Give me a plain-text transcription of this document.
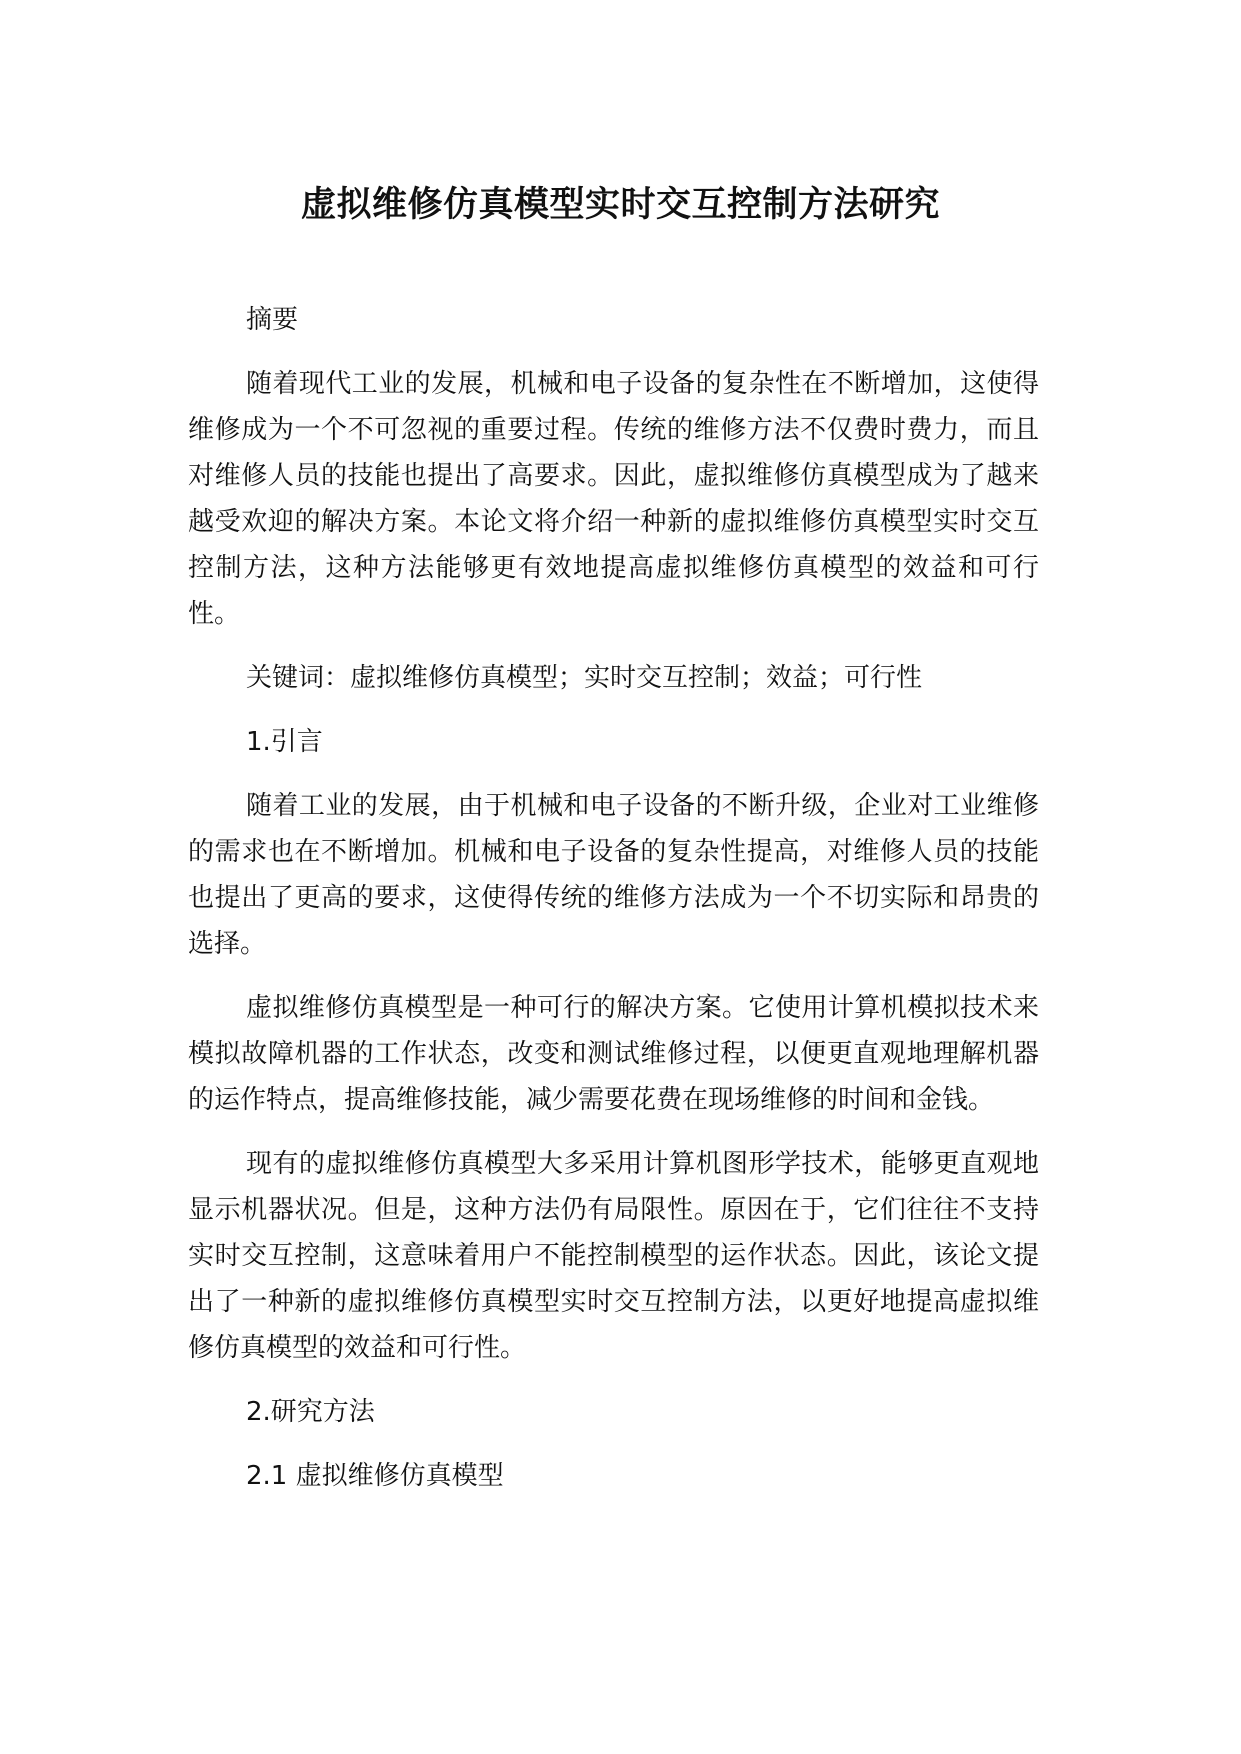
虚拟维修仿真模型实时交互控制方法研究

摘要

随着现代工业的发展，机械和电子设备的复杂性在不断增加，这使得维修成为一个不可忽视的重要过程。传统的维修方法不仅费时费力，而且对维修人员的技能也提出了高要求。因此，虚拟维修仿真模型成为了越来越受欢迎的解决方案。本论文将介绍一种新的虚拟维修仿真模型实时交互控制方法，这种方法能够更有效地提高虚拟维修仿真模型的效益和可行性。

关键词：虚拟维修仿真模型；实时交互控制；效益；可行性

1.引言

随着工业的发展，由于机械和电子设备的不断升级，企业对工业维修的需求也在不断增加。机械和电子设备的复杂性提高，对维修人员的技能也提出了更高的要求，这使得传统的维修方法成为一个不切实际和昂贵的选择。

虚拟维修仿真模型是一种可行的解决方案。它使用计算机模拟技术来模拟故障机器的工作状态，改变和测试维修过程，以便更直观地理解机器的运作特点，提高维修技能，减少需要花费在现场维修的时间和金钱。

现有的虚拟维修仿真模型大多采用计算机图形学技术，能够更直观地显示机器状况。但是，这种方法仍有局限性。原因在于，它们往往不支持实时交互控制，这意味着用户不能控制模型的运作状态。因此，该论文提出了一种新的虚拟维修仿真模型实时交互控制方法，以更好地提高虚拟维修仿真模型的效益和可行性。

2.研究方法

2.1 虚拟维修仿真模型
